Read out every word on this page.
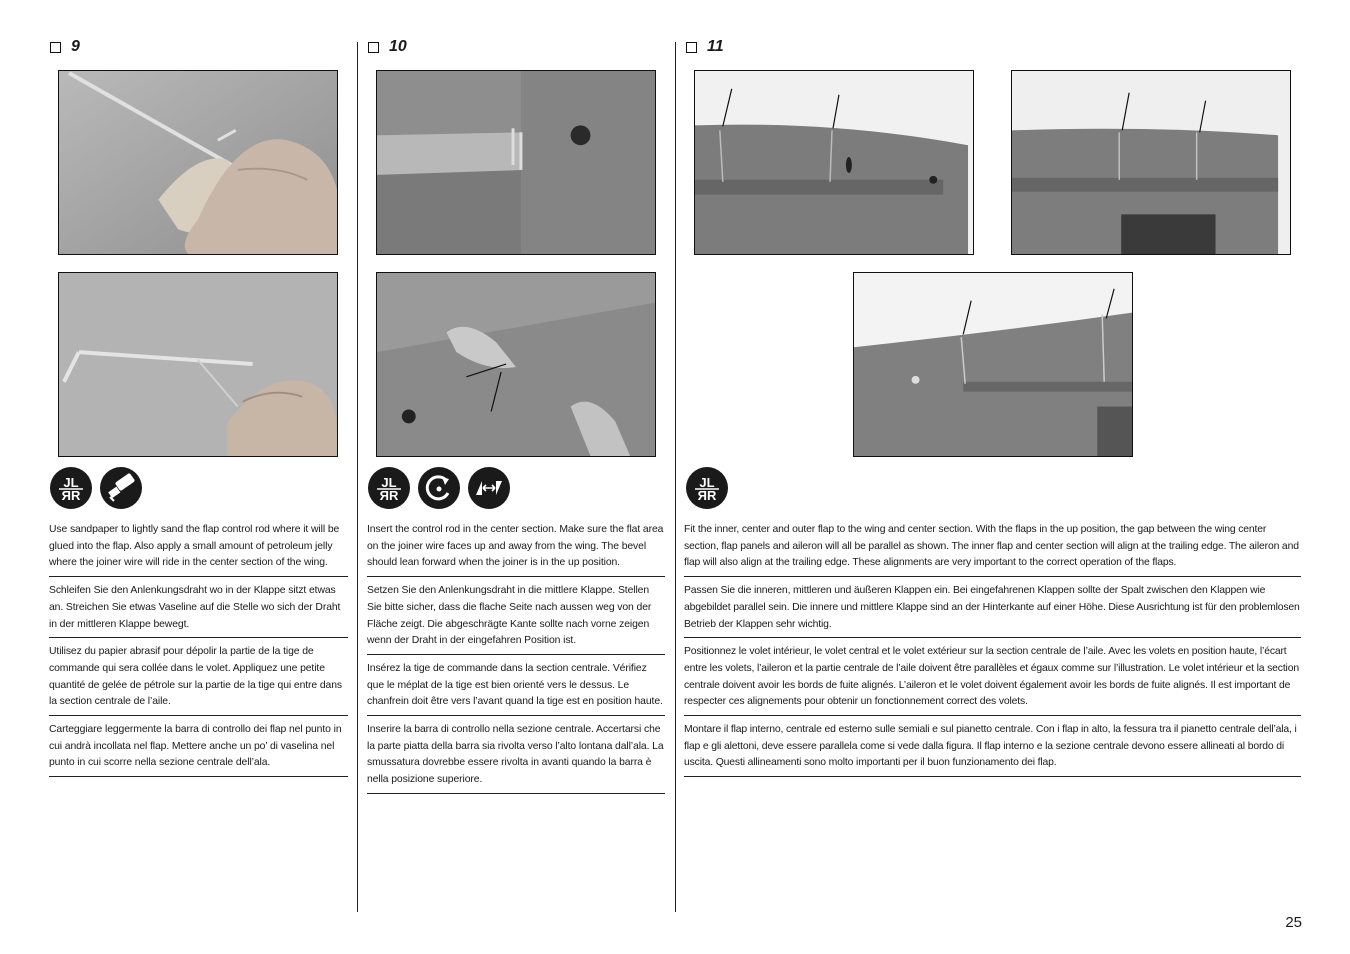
9
JL
ЯR
Use sandpaper to lightly sand the flap control rod where it will be glued into the flap. Also apply a small amount of petroleum jelly where the joiner wire will ride in the center section of the wing.
Schleifen Sie den Anlenkungsdraht wo in der Klappe sitzt etwas an. Streichen Sie etwas Vaseline auf die Stelle wo sich der Draht in der mittleren Klappe bewegt.
Utilisez du papier abrasif pour dépolir la partie de la tige de commande qui sera collée dans le volet. Appliquez une petite quantité de gelée de pétrole sur la partie de la tige qui entre dans la section centrale de l’aile.
Carteggiare leggermente la barra di controllo dei flap nel punto in cui andrà incollata nel flap. Mettere anche un po’ di vaselina nel punto in cui scorre nella sezione centrale dell’ala.
10
JL
ЯR
Insert the control rod in the center section. Make sure the flat area on the joiner wire faces up and away from the wing. The bevel should lean forward when the joiner is in the up position.
Setzen Sie den Anlenkungsdraht in die mittlere Klappe. Stellen Sie bitte sicher, dass die flache Seite nach aussen weg von der Fläche zeigt. Die abgeschrägte Kante sollte nach vorne zeigen wenn der Draht in der eingefahren Position ist.
Insérez la tige de commande dans la section centrale. Vérifiez que le méplat de la tige est bien orienté vers le dessus. Le chanfrein doit être vers l’avant quand la tige est en position haute.
Inserire la barra di controllo nella sezione centrale. Accertarsi che la parte piatta della barra sia rivolta verso l’alto lontana dall’ala. La smussatura dovrebbe essere rivolta in avanti quando la barra è nella posizione superiore.
11
JL
ЯR
Fit the inner, center and outer flap to the wing and center section. With the flaps in the up position, the gap between the wing center section, flap panels and aileron will all be parallel as shown. The inner flap and center section will align at the trailing edge. The aileron and flap will also align at the trailing edge. These alignments are very important to the correct operation of the flaps.
Passen Sie die inneren, mittleren und äußeren Klappen ein. Bei eingefahrenen Klappen sollte der Spalt zwischen den Klappen wie abgebildet parallel sein. Die innere und mittlere Klappe sind an der Hinterkante auf einer Höhe. Diese Ausrichtung ist für den problemlosen Betrieb der Klappen sehr wichtig.
Positionnez le volet intérieur, le volet central et le volet extérieur sur la section centrale de l’aile. Avec les volets en position haute, l’écart entre les volets, l’aileron et la partie centrale de l’aile doivent être parallèles et égaux comme sur l’illustration. Le volet intérieur et la section centrale doivent avoir les bords de fuite alignés. L’aileron et le volet doivent également avoir les bords de fuite alignés. Il est important de respecter ces alignements pour obtenir un fonctionnement correct des volets.
Montare il flap interno, centrale ed esterno sulle semiali e sul pianetto centrale. Con i flap in alto, la fessura tra il pianetto centrale dell’ala, i flap e gli alettoni, deve essere parallela come si vede dalla figura. Il flap interno e la sezione centrale devono essere allineati al bordo di uscita. Questi allineamenti sono molto importanti per il buon funzionamento dei flap.
25
